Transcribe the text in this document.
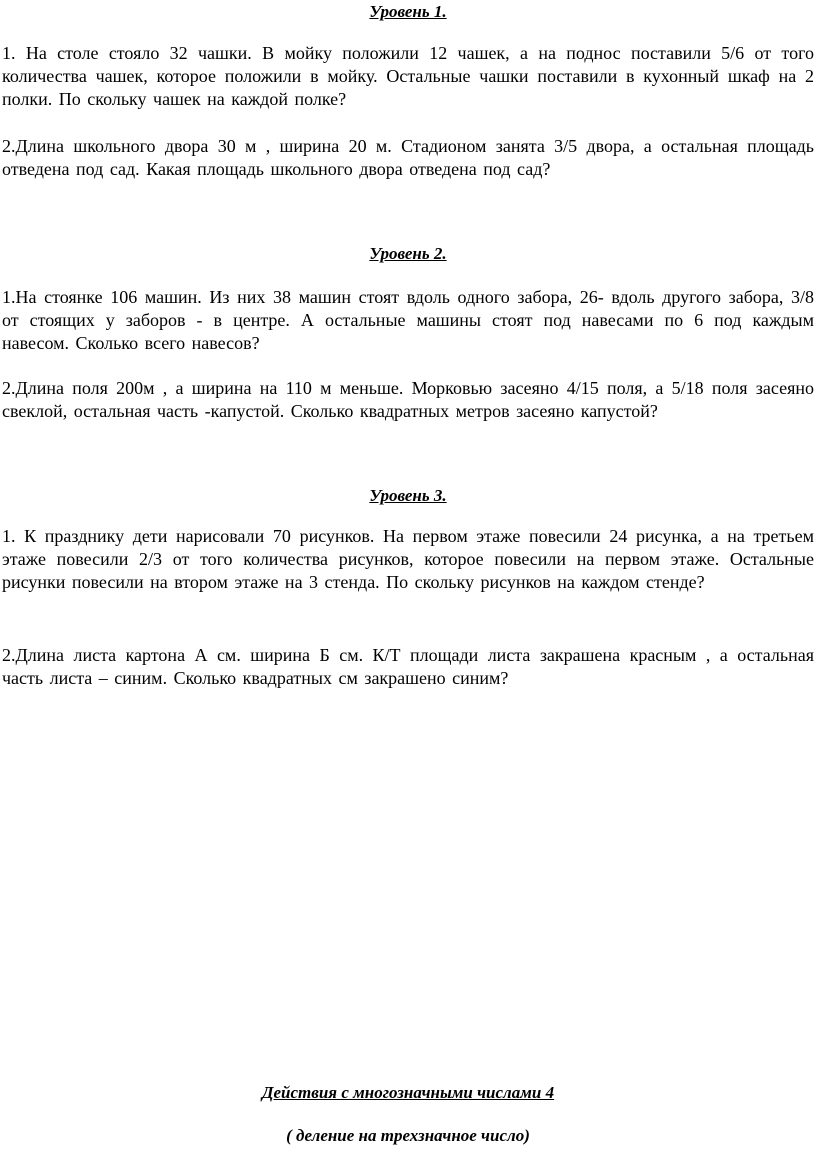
Уровень 1.

1. На столе стояло 32 чашки. В мойку положили 12 чашек, а на поднос поставили 5/6 от того количества чашек, которое положили в мойку. Остальные чашки поставили в кухонный шкаф на 2 полки. По скольку чашек на каждой полке?

2.Длина школьного двора 30 м , ширина 20 м. Стадионом занята 3/5 двора, а остальная площадь отведена под сад. Какая площадь школьного двора отведена под сад?

Уровень 2.

1.На стоянке 106 машин. Из них 38 машин стоят вдоль одного забора, 26- вдоль другого забора, 3/8 от стоящих у заборов - в центре. А остальные машины стоят под навесами по 6 под каждым навесом. Сколько всего навесов?

2.Длина поля 200м , а ширина на 110 м меньше. Морковью засеяно 4/15 поля, а 5/18 поля засеяно свеклой, остальная часть -капустой. Сколько квадратных метров засеяно капустой?

Уровень 3.

1. К празднику дети нарисовали 70 рисунков. На первом этаже повесили 24 рисунка, а на третьем этаже повесили 2/3 от того количества рисунков, которое повесили на первом этаже. Остальные рисунки повесили на втором этаже на 3 стенда. По скольку рисунков на каждом стенде?

2.Длина листа картона А см. ширина Б см. К/Т площади листа закрашена красным , а остальная часть листа – синим. Сколько квадратных см закрашено синим?

Действия с многозначными числами 4

( деление на трехзначное число)
